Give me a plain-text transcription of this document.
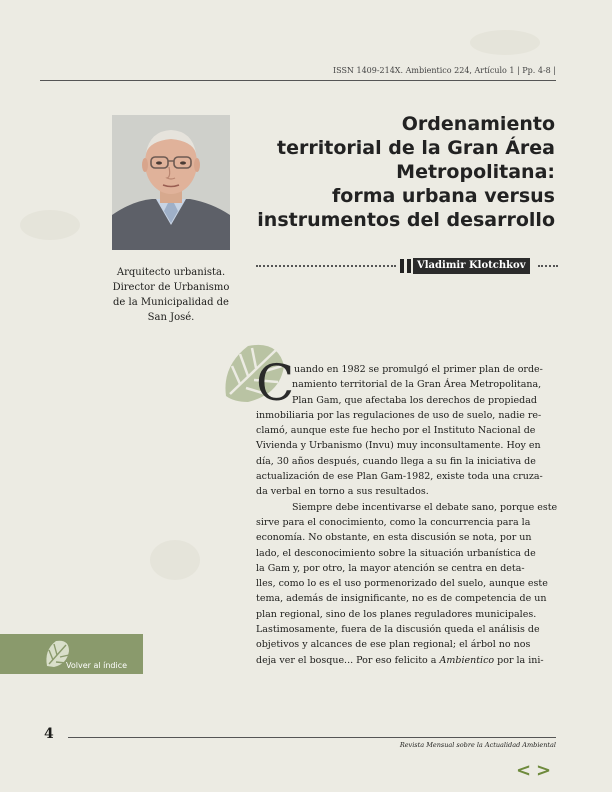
ISSN 1409-214X. Ambientico 224, Artículo 1 | Pp. 4-8 |
Arquitecto urbanista.
Director de Urbanismo
de la Municipalidad de
San José.
Ordenamiento
territorial de la Gran Área
Metropolitana:
forma urbana versus
instrumentos del desarrollo
Vladimir Klotchkov
C uando en 1982 se promulgó el primer plan de orde-
namiento territorial de la Gran Área Metropolitana,
Plan Gam, que afectaba los derechos de propiedad
inmobiliaria por las regulaciones de uso de suelo, nadie re-
clamó, aunque este fue hecho por el Instituto Nacional de
Vivienda y Urbanismo (Invu) muy inconsultamente. Hoy en
día, 30 años después, cuando llega a su fin la iniciativa de
actualización de ese Plan Gam-1982, existe toda una cruza-
da verbal en torno a sus resultados.
Siempre debe incentivarse el debate sano, porque este
sirve para el conocimiento, como la concurrencia para la
economía. No obstante, en esta discusión se nota, por un
lado, el desconocimiento sobre la situación urbanística de
la Gam y, por otro, la mayor atención se centra en deta-
lles, como lo es el uso pormenorizado del suelo, aunque este
tema, además de insignificante, no es de competencia de un
plan regional, sino de los planes reguladores municipales.
Lastimosamente, fuera de la discusión queda el análisis de
objetivos y alcances de ese plan regional; el árbol no nos
deja ver el bosque... Por eso felicito a Ambientico por la ini-
Volver al índice
4
Revista Mensual sobre la Actualidad Ambiental
< >
